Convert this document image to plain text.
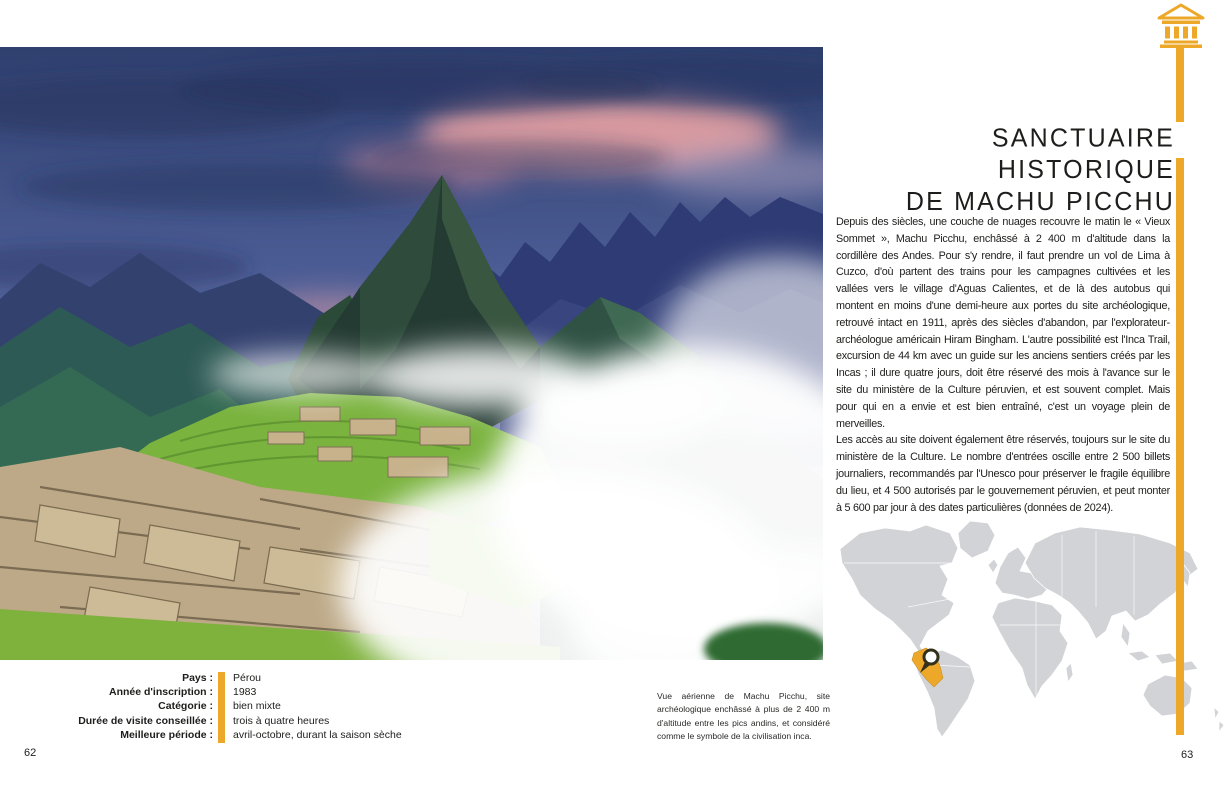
Pays :
Année d'inscription :
Catégorie :
Durée de visite conseillée :
Meilleure période :
Pérou
1983
bien mixte
trois à quatre heures
avril-octobre, durant la saison sèche
62
SANCTUAIRE HISTORIQUE
DE MACHU PICCHU

Depuis des siècles, une couche de nuages recouvre le matin le « Vieux Sommet », Machu Picchu, enchâssé à 2 400 m d'altitude dans la cordillère des Andes. Pour s'y rendre, il faut prendre un vol de Lima à Cuzco, d'où partent des trains pour les campagnes cultivées et les vallées vers le village d'Aguas Calientes, et de là des autobus qui montent en moins d'une demi-heure aux portes du site archéologique, retrouvé intact en 1911, après des siècles d'abandon, par l'explorateur-archéologue américain Hiram Bingham. L'autre possibilité est l'Inca Trail, excursion de 44 km avec un guide sur les anciens sentiers créés par les Incas ; il dure quatre jours, doit être réservé des mois à l'avance sur le site du ministère de la Culture péruvien, et est souvent complet. Mais pour qui en a envie et est bien entraîné, c'est un voyage plein de merveilles.

Les accès au site doivent également être réservés, toujours sur le site du ministère de la Culture. Le nombre d'entrées oscille entre 2 500 billets journaliers, recommandés par l'Unesco pour préserver le fragile équilibre du lieu, et 4 500 autorisés par le gouvernement péruvien, et peut monter à 5 600 par jour à des dates particulières (données de 2024).

Vue aérienne de Machu Picchu, site archéologique enchâssé à plus de 2 400 m d'altitude entre les pics andins, et considéré comme le symbole de la civilisation inca.
63
